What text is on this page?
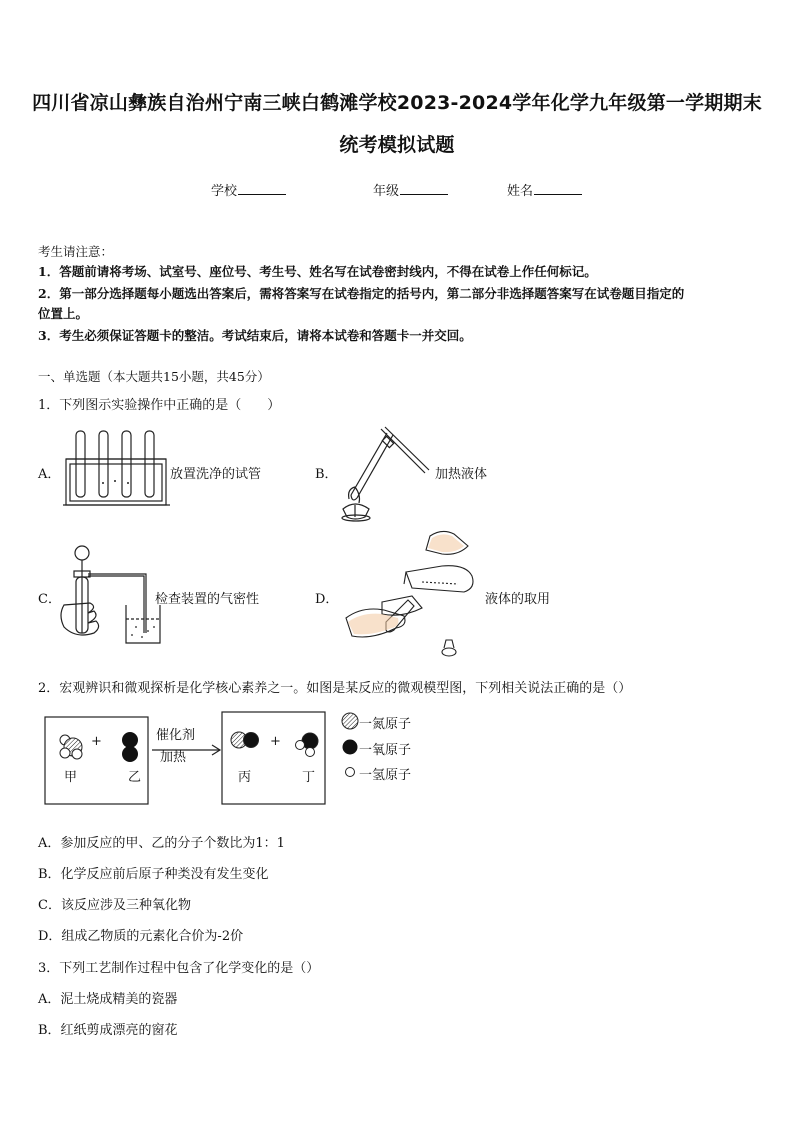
四川省凉山彝族自治州宁南三峡白鹤滩学校2023-2024学年化学九年级第一学期期末
统考模拟试题
学校	年级	姓名
考生请注意：
1．答题前请将考场、试室号、座位号、考生号、姓名写在试卷密封线内，不得在试卷上作任何标记。
2．第一部分选择题每小题选出答案后，需将答案写在试卷指定的括号内，第二部分非选择题答案写在试卷题目指定的
位置上。
3．考生必须保证答题卡的整洁。考试结束后，请将本试卷和答题卡一并交回。
一、单选题（本大题共15小题，共45分）
1．下列图示实验操作中正确的是（　　）
A．	放置洗净的试管	B．	加热液体
C．	检查装置的气密性	D．	液体的取用
2．宏观辨识和微观探析是化学核心素养之一。如图是某反应的微观模型图，下列相关说法正确的是（）
+	+
甲	乙	丙	丁
催化剂
加热
一氮原子
一氧原子
一氢原子
A．参加反应的甲、乙的分子个数比为1：1
B．化学反应前后原子种类没有发生变化
C．该反应涉及三种氧化物
D．组成乙物质的元素化合价为-2价
3．下列工艺制作过程中包含了化学变化的是（）
A．泥土烧成精美的瓷器
B．红纸剪成漂亮的窗花
